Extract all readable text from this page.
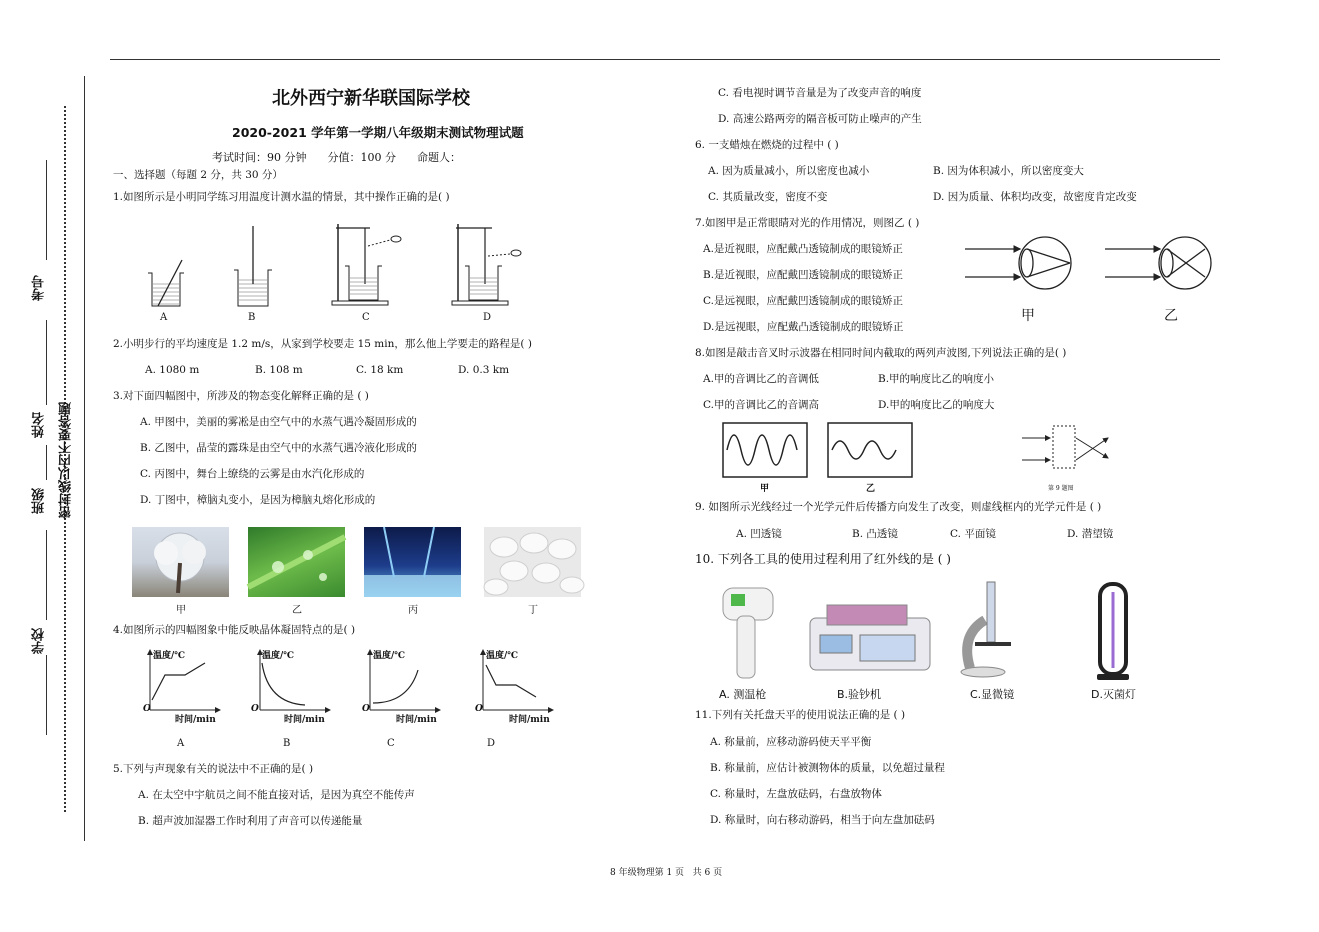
考号
姓名
班级
学校
密封线以内不要答题
北外西宁新华联国际学校
2020-2021 学年第一学期八年级期末测试物理试题
考试时间：90 分钟      分值：100 分      命题人：
一、选择题（每题 2 分，共 30 分）
1.如图所示是小明同学练习用温度计测水温的情景，其中操作正确的是( )
A	B	C	D
2.小明步行的平均速度是 1.2 m/s，从家到学校要走 15 min，那么他上学要走的路程是( )
A. 1080 m	B. 108 m	C. 18 km	D. 0.3 km
3.对下面四幅图中，所涉及的物态变化解释正确的是 ( )
A. 甲图中，美丽的雾凇是由空气中的水蒸气遇冷凝固形成的
B. 乙图中，晶莹的露珠是由空气中的水蒸气遇冷液化形成的
C. 丙图中，舞台上缭绕的云雾是由水汽化形成的
D. 丁图中，樟脑丸变小，是因为樟脑丸熔化形成的
甲	乙	丙	丁
4.如图所示的四幅图象中能反映晶体凝固特点的是( )
温度/℃	温度/℃	温度/℃	温度/℃
O	O	O	O
时间/min	时间/min	时间/min	时间/min
A	B	C	D
5.下列与声现象有关的说法中不正确的是( )
A. 在太空中宇航员之间不能直接对话，是因为真空不能传声
B. 超声波加湿器工作时利用了声音可以传递能量
C. 看电视时调节音量是为了改变声音的响度
D. 高速公路两旁的隔音板可防止噪声的产生
6. 一支蜡烛在燃烧的过程中 ( )
A. 因为质量减小，所以密度也减小	B. 因为体积减小，所以密度变大
C. 其质量改变，密度不变	D. 因为质量、体积均改变，故密度肯定改变
7.如图甲是正常眼睛对光的作用情况，则图乙 ( )
A.是近视眼，应配戴凸透镜制成的眼镜矫正
B.是近视眼，应配戴凹透镜制成的眼镜矫正
C.是远视眼，应配戴凹透镜制成的眼镜矫正
D.是远视眼，应配戴凸透镜制成的眼镜矫正
甲	乙
8.如图是敲击音叉时示波器在相同时间内截取的两列声波图,下列说法正确的是( )
A.甲的音调比乙的音调低	B.甲的响度比乙的响度小
C.甲的音调比乙的音调高	D.甲的响度比乙的响度大
甲	乙	第 9 题图
9. 如图所示光线经过一个光学元件后传播方向发生了改变，则虚线框内的光学元件是 ( )
A. 凹透镜	B. 凸透镜	C. 平面镜	D. 潜望镜
10. 下列各工具的使用过程利用了红外线的是 ( )
A. 测温枪	B.验钞机	C.显微镜	D.灭菌灯
11.下列有关托盘天平的使用说法正确的是 ( )
A. 称量前，应移动游码使天平平衡
B. 称量前，应估计被测物体的质量，以免超过量程
C. 称量时，左盘放砝码，右盘放物体
D. 称量时，向右移动游码，相当于向左盘加砝码
8 年级物理第 1 页   共 6 页
